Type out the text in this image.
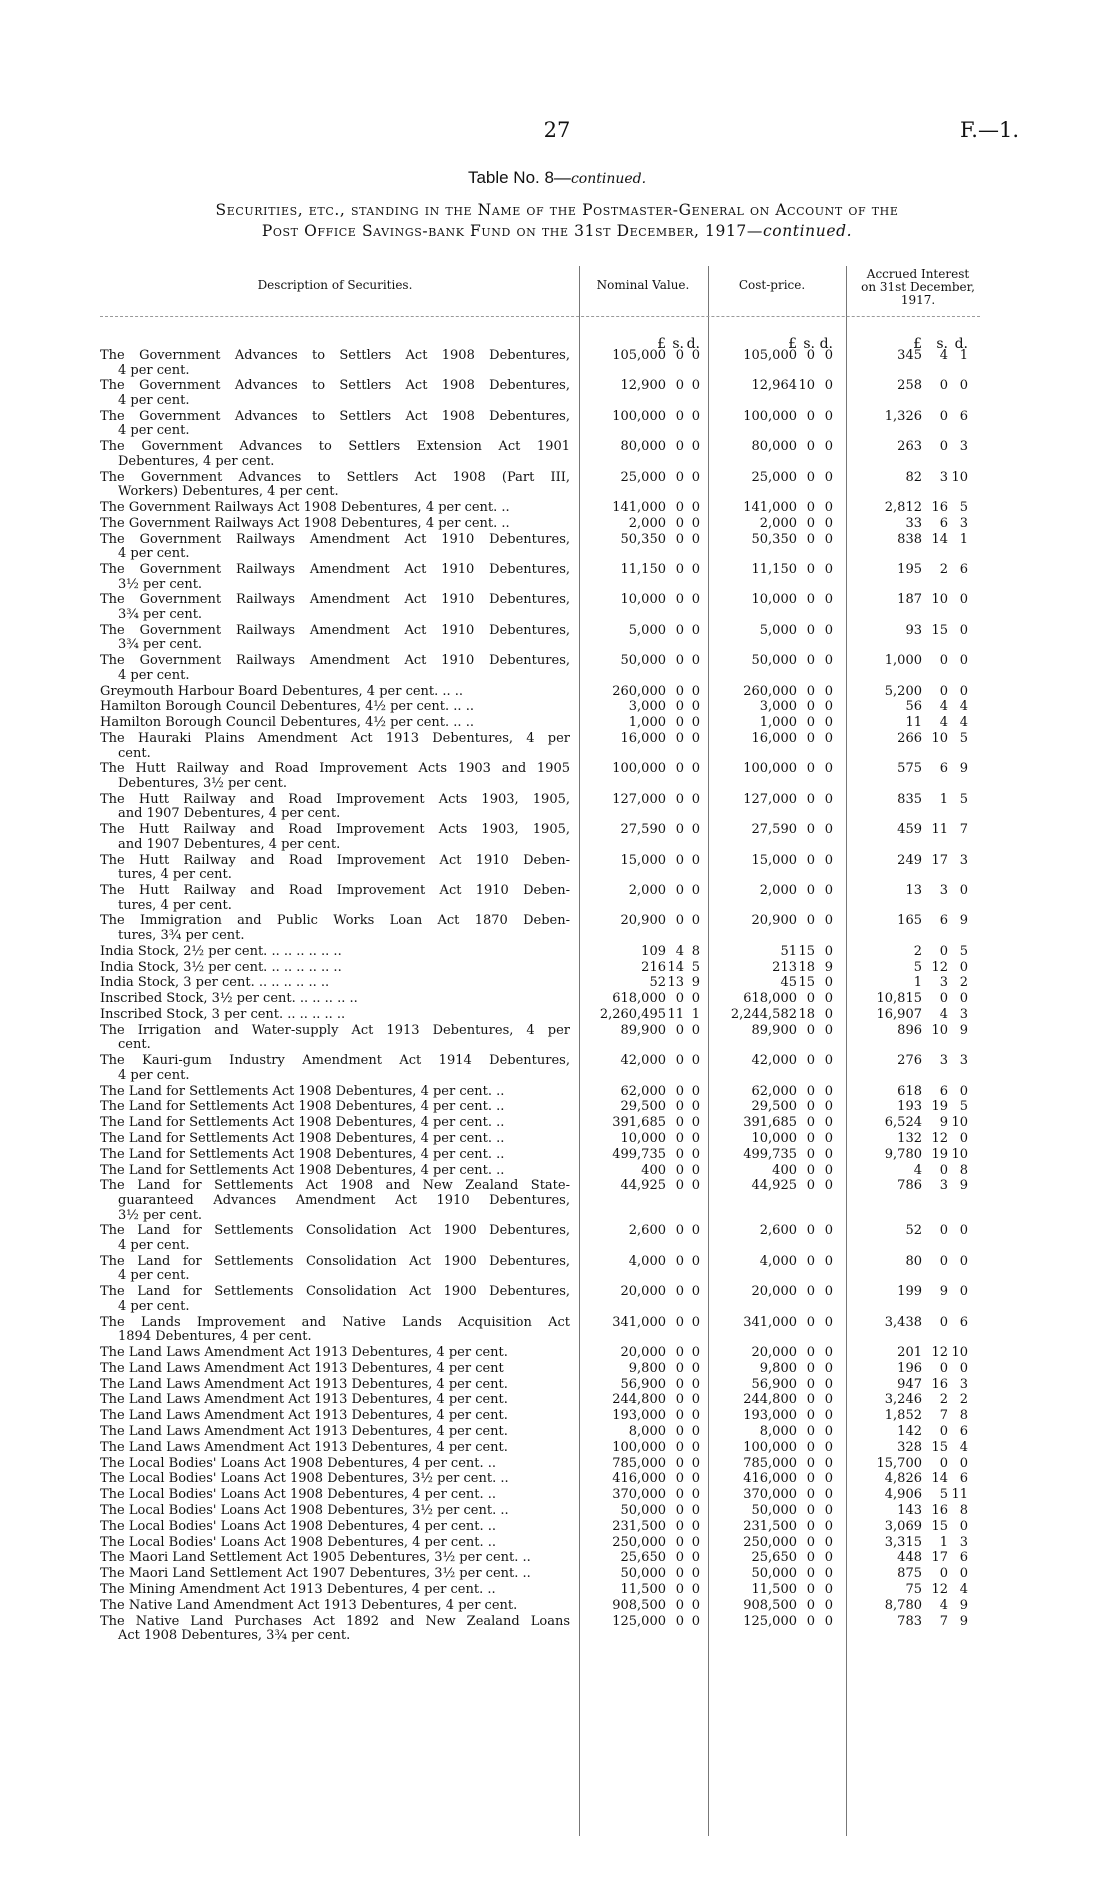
27	F.—1.
Table No. 8—continued.
Securities, etc., standing in the Name of the Postmaster-General on Account of the
Post Office Savings-bank Fund on the 31st December, 1917—continued.
Description of Securities.	Nominal Value.	Cost-price.
Accrued Interest
on 31st December,
1917.
£ s. d.	£ s. d.	£	s. d.
The Government Advances to Settlers Act 1908 Debentures,
4 per cent.
105,000 0 0	105,000 0 0	345	4 1
The Government Advances to Settlers Act 1908 Debentures,
4 per cent.
12,900 0 0	12,964 10 0	258	0 0
The Government Advances to Settlers Act 1908 Debentures,
4 per cent.
100,000 0 0	100,000 0 0	1,326	0 6
The Government Advances to Settlers Extension Act 1901
Debentures, 4 per cent.
80,000 0 0	80,000 0 0	263	0 3
The Government Advances to Settlers Act 1908 (Part III,
Workers) Debentures, 4 per cent.
25,000 0 0	25,000 0 0	82	3 10
The Government Railways Act 1908 Debentures, 4 per cent. ..	141,000 0 0	141,000 0 0	2,812 16 5
The Government Railways Act 1908 Debentures, 4 per cent. ..	2,000 0 0	2,000 0 0	33	6 3
The Government Railways Amendment Act 1910 Debentures,
4 per cent.
50,350 0 0	50,350 0 0	838 14 1
The Government Railways Amendment Act 1910 Debentures,
3½ per cent.
11,150 0 0	11,150 0 0	195	2 6
The Government Railways Amendment Act 1910 Debentures,
3¾ per cent.
10,000 0 0	10,000 0 0	187 10 0
The Government Railways Amendment Act 1910 Debentures,
3¾ per cent.
5,000 0 0	5,000 0 0	93 15 0
The Government Railways Amendment Act 1910 Debentures,
4 per cent.
50,000 0 0	50,000 0 0	1,000	0 0
Greymouth Harbour Board Debentures, 4 per cent. .. ..	260,000 0 0	260,000 0 0	5,200	0 0
Hamilton Borough Council Debentures, 4½ per cent. .. ..	3,000 0 0	3,000 0 0	56	4 4
Hamilton Borough Council Debentures, 4½ per cent. .. ..	1,000 0 0	1,000 0 0	11	4 4
The Hauraki Plains Amendment Act 1913 Debentures, 4 per
cent.
16,000 0 0	16,000 0 0	266 10 5
The Hutt Railway and Road Improvement Acts 1903 and 1905
Debentures, 3½ per cent.
100,000 0 0	100,000 0 0	575	6 9
The Hutt Railway and Road Improvement Acts 1903, 1905,
and 1907 Debentures, 4 per cent.
127,000 0 0	127,000 0 0	835	1 5
The Hutt Railway and Road Improvement Acts 1903, 1905,
and 1907 Debentures, 4 per cent.
27,590 0 0	27,590 0 0	459 11 7
The Hutt Railway and Road Improvement Act 1910 Deben-
tures, 4 per cent.
15,000 0 0	15,000 0 0	249 17 3
The Hutt Railway and Road Improvement Act 1910 Deben-
tures, 4 per cent.
2,000 0 0	2,000 0 0	13	3 0
The Immigration and Public Works Loan Act 1870 Deben-
tures, 3¾ per cent.
20,900 0 0	20,900 0 0	165	6 9
India Stock, 2½ per cent. .. .. .. .. .. ..	109 4 8	51 15 0	2	0 5
India Stock, 3½ per cent. .. .. .. .. .. ..	216 14 5	213 18 9	5 12 0
India Stock, 3 per cent. .. .. .. .. .. ..	52 13 9	45 15 0	1	3 2
Inscribed Stock, 3½ per cent. .. .. .. .. ..	618,000 0 0	618,000 0 0	10,815	0 0
Inscribed Stock, 3 per cent. .. .. .. .. ..	2,260,495 11 1	2,244,582 18 0	16,907	4 3
The Irrigation and Water-supply Act 1913 Debentures, 4 per
cent.
89,900 0 0	89,900 0 0	896 10 9
The Kauri-gum Industry Amendment Act 1914 Debentures,
4 per cent.
42,000 0 0	42,000 0 0	276	3 3
The Land for Settlements Act 1908 Debentures, 4 per cent. ..	62,000 0 0	62,000 0 0	618	6 0
The Land for Settlements Act 1908 Debentures, 4 per cent. ..	29,500 0 0	29,500 0 0	193 19 5
The Land for Settlements Act 1908 Debentures, 4 per cent. ..	391,685 0 0	391,685 0 0	6,524	9 10
The Land for Settlements Act 1908 Debentures, 4 per cent. ..	10,000 0 0	10,000 0 0	132 12 0
The Land for Settlements Act 1908 Debentures, 4 per cent. ..	499,735 0 0	499,735 0 0	9,780 19 10
The Land for Settlements Act 1908 Debentures, 4 per cent. ..	400 0 0	400 0 0	4	0 8
The Land for Settlements Act 1908 and New Zealand State-
guaranteed Advances Amendment Act 1910 Debentures,
3½ per cent.
44,925 0 0	44,925 0 0	786	3 9
The Land for Settlements Consolidation Act 1900 Debentures,
4 per cent.
2,600 0 0	2,600 0 0	52	0 0
The Land for Settlements Consolidation Act 1900 Debentures,
4 per cent.
4,000 0 0	4,000 0 0	80	0 0
The Land for Settlements Consolidation Act 1900 Debentures,
4 per cent.
20,000 0 0	20,000 0 0	199	9 0
The Lands Improvement and Native Lands Acquisition Act
1894 Debentures, 4 per cent.
341,000 0 0	341,000 0 0	3,438	0 6
The Land Laws Amendment Act 1913 Debentures, 4 per cent.	20,000 0 0	20,000 0 0	201 12 10
The Land Laws Amendment Act 1913 Debentures, 4 per cent	9,800 0 0	9,800 0 0	196	0 0
The Land Laws Amendment Act 1913 Debentures, 4 per cent.	56,900 0 0	56,900 0 0	947 16 3
The Land Laws Amendment Act 1913 Debentures, 4 per cent.	244,800 0 0	244,800 0 0	3,246	2 2
The Land Laws Amendment Act 1913 Debentures, 4 per cent.	193,000 0 0	193,000 0 0	1,852	7 8
The Land Laws Amendment Act 1913 Debentures, 4 per cent.	8,000 0 0	8,000 0 0	142	0 6
The Land Laws Amendment Act 1913 Debentures, 4 per cent.	100,000 0 0	100,000 0 0	328 15 4
The Local Bodies' Loans Act 1908 Debentures, 4 per cent. ..	785,000 0 0	785,000 0 0	15,700	0 0
The Local Bodies' Loans Act 1908 Debentures, 3½ per cent. ..	416,000 0 0	416,000 0 0	4,826 14 6
The Local Bodies' Loans Act 1908 Debentures, 4 per cent. ..	370,000 0 0	370,000 0 0	4,906	5 11
The Local Bodies' Loans Act 1908 Debentures, 3½ per cent. ..	50,000 0 0	50,000 0 0	143 16 8
The Local Bodies' Loans Act 1908 Debentures, 4 per cent. ..	231,500 0 0	231,500 0 0	3,069 15 0
The Local Bodies' Loans Act 1908 Debentures, 4 per cent. ..	250,000 0 0	250,000 0 0	3,315	1 3
The Maori Land Settlement Act 1905 Debentures, 3½ per cent. ..	25,650 0 0	25,650 0 0	448 17 6
The Maori Land Settlement Act 1907 Debentures, 3½ per cent. ..	50,000 0 0	50,000 0 0	875	0 0
The Mining Amendment Act 1913 Debentures, 4 per cent. ..	11,500 0 0	11,500 0 0	75 12 4
The Native Land Amendment Act 1913 Debentures, 4 per cent.	908,500 0 0	908,500 0 0	8,780	4 9
The Native Land Purchases Act 1892 and New Zealand Loans
Act 1908 Debentures, 3¾ per cent.
125,000 0 0	125,000 0 0	783	7 9
